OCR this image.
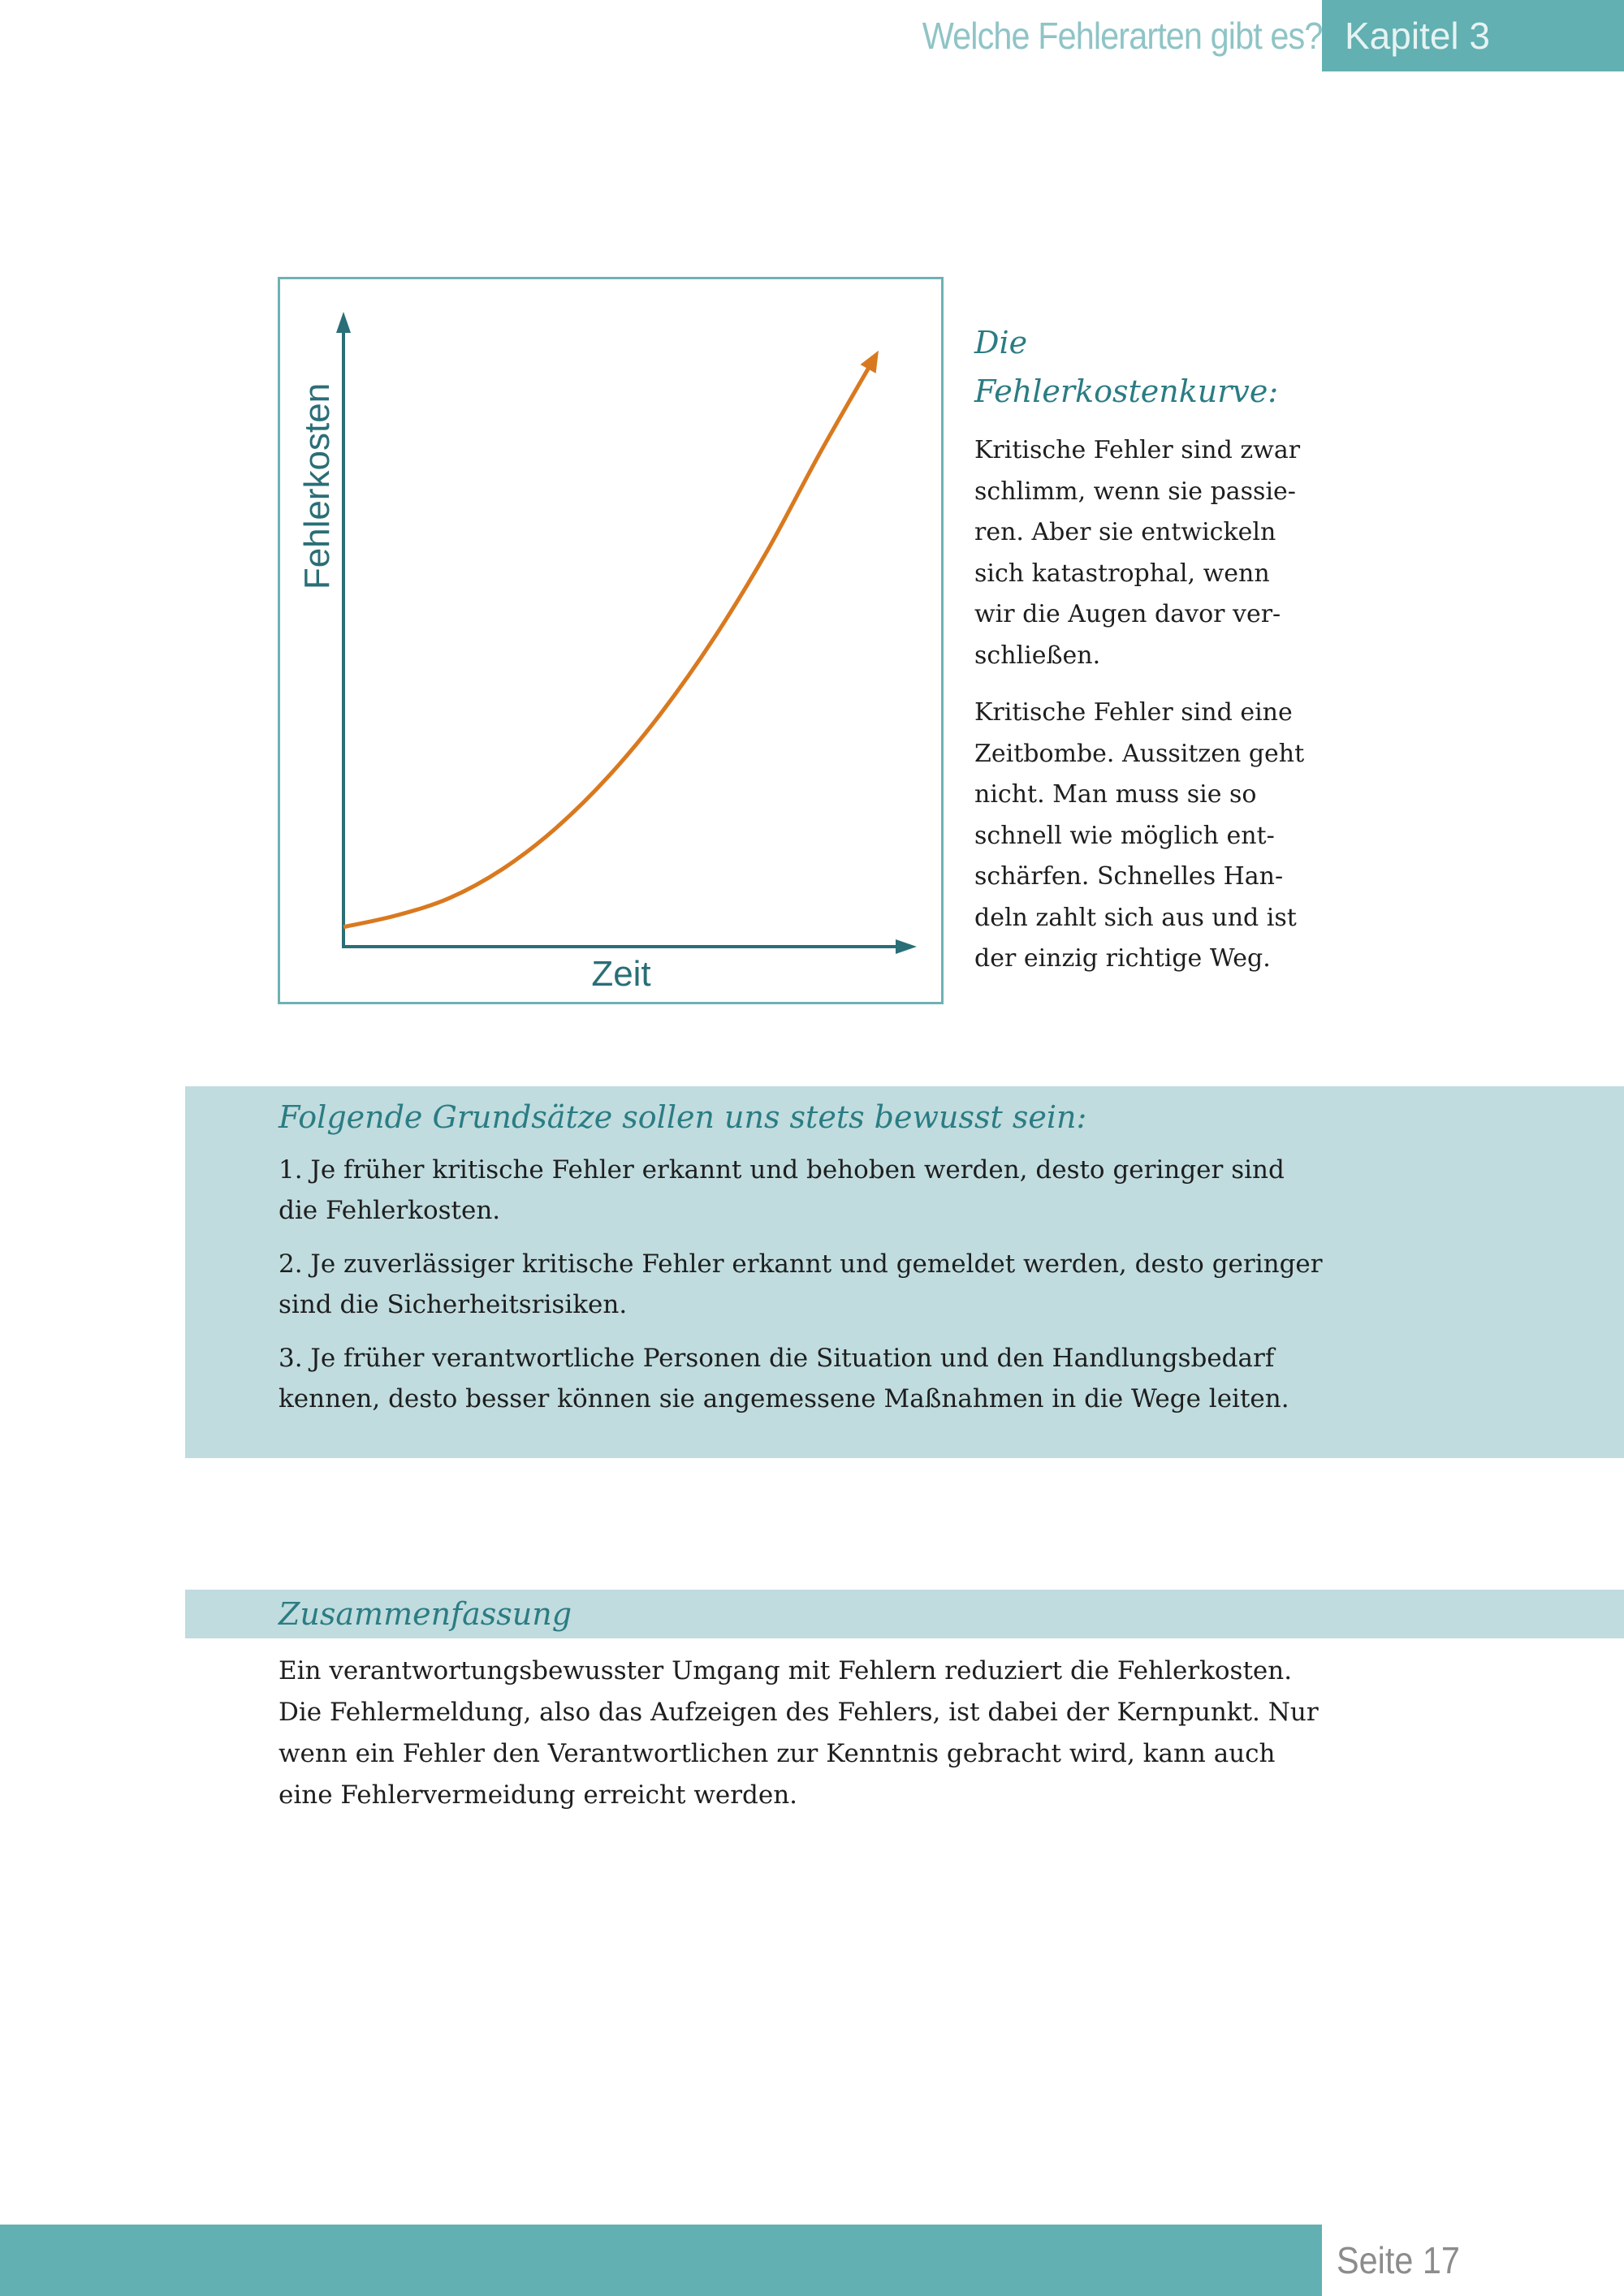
Welche Fehlerarten gibt es? Kapitel 3
Fehlerkosten
Zeit
Die Fehlerkostenkurve:

Kritische Fehler sind zwar
schlimm, wenn sie passie-
ren. Aber sie entwickeln
sich katastrophal, wenn
wir die Augen davor ver-
schließen.

Kritische Fehler sind eine
Zeitbombe. Aussitzen geht
nicht. Man muss sie so
schnell wie möglich ent-
schärfen. Schnelles Han-
deln zahlt sich aus und ist
der einzig richtige Weg.

Folgende Grundsätze sollen uns stets bewusst sein:
1. Je früher kritische Fehler erkannt und behoben werden, desto geringer sind
die Fehlerkosten.
2. Je zuverlässiger kritische Fehler erkannt und gemeldet werden, desto geringer
sind die Sicherheitsrisiken.
3. Je früher verantwortliche Personen die Situation und den Handlungsbedarf
kennen, desto besser können sie angemessene Maßnahmen in die Wege leiten.
Zusammenfassung
Ein verantwortungsbewusster Umgang mit Fehlern reduziert die Fehlerkosten.
Die Fehlermeldung, also das Aufzeigen des Fehlers, ist dabei der Kernpunkt. Nur
wenn ein Fehler den Verantwortlichen zur Kenntnis gebracht wird, kann auch
eine Fehlervermeidung erreicht werden.
Seite 17
